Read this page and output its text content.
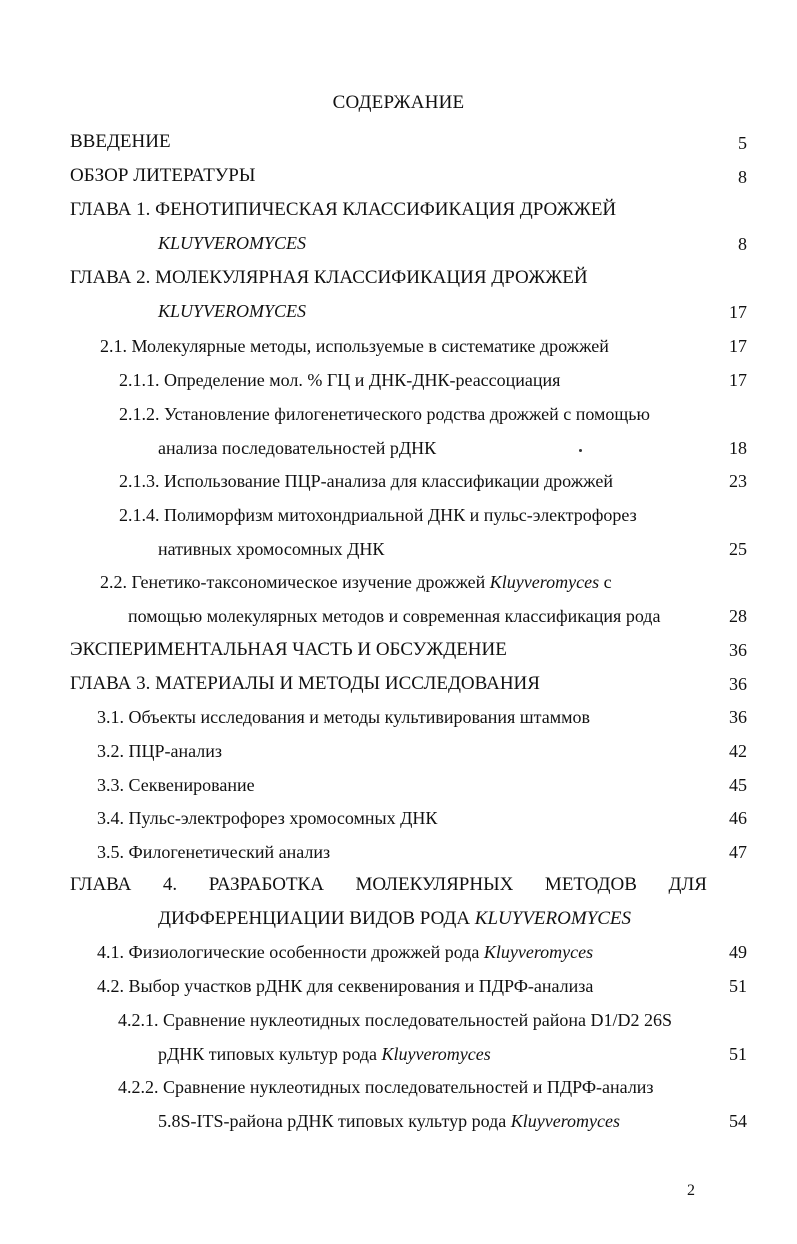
СОДЕРЖАНИЕ
ВВЕДЕНИЕ	5
ОБЗОР ЛИТЕРАТУРЫ	8
ГЛАВА 1. ФЕНОТИПИЧЕСКАЯ КЛАССИФИКАЦИЯ ДРОЖЖЕЙ
KLUYVEROMYCES	8
ГЛАВА 2. МОЛЕКУЛЯРНАЯ КЛАССИФИКАЦИЯ ДРОЖЖЕЙ
KLUYVEROMYCES	17
2.1. Молекулярные методы, используемые в систематике дрожжей	17
2.1.1. Определение мол. % ГЦ и ДНК-ДНК-реассоциация	17
2.1.2. Установление филогенетического родства дрожжей с помощью
анализа последовательностей рДНК	18
2.1.3. Использование ПЦР-анализа для классификации дрожжей	23
2.1.4. Полиморфизм митохондриальной ДНК и пульс-электрофорез
нативных хромосомных ДНК	25
2.2. Генетико-таксономическое изучение дрожжей Kluyveromyces с
помощью молекулярных методов и современная классификация рода	28
ЭКСПЕРИМЕНТАЛЬНАЯ ЧАСТЬ И ОБСУЖДЕНИЕ	36
ГЛАВА 3. МАТЕРИАЛЫ И МЕТОДЫ ИССЛЕДОВАНИЯ	36
3.1. Объекты исследования и методы культивирования штаммов	36
3.2. ПЦР-анализ	42
3.3. Секвенирование	45
3.4. Пульс-электрофорез хромосомных ДНК	46
3.5. Филогенетический анализ	47
ГЛАВА 4. РАЗРАБОТКА МОЛЕКУЛЯРНЫХ МЕТОДОВ ДЛЯ
ДИФФЕРЕНЦИАЦИИ ВИДОВ РОДА KLUYVEROMYCES
4.1. Физиологические особенности дрожжей рода Kluyveromyces	49
4.2. Выбор участков рДНК для секвенирования и ПДРФ-анализа	51
4.2.1. Сравнение нуклеотидных последовательностей района D1/D2 26S
рДНК типовых культур рода Kluyveromyces	51
4.2.2. Сравнение нуклеотидных последовательностей и ПДРФ-анализ
5.8S-ITS-района рДНК типовых культур рода Kluyveromyces	54
2
